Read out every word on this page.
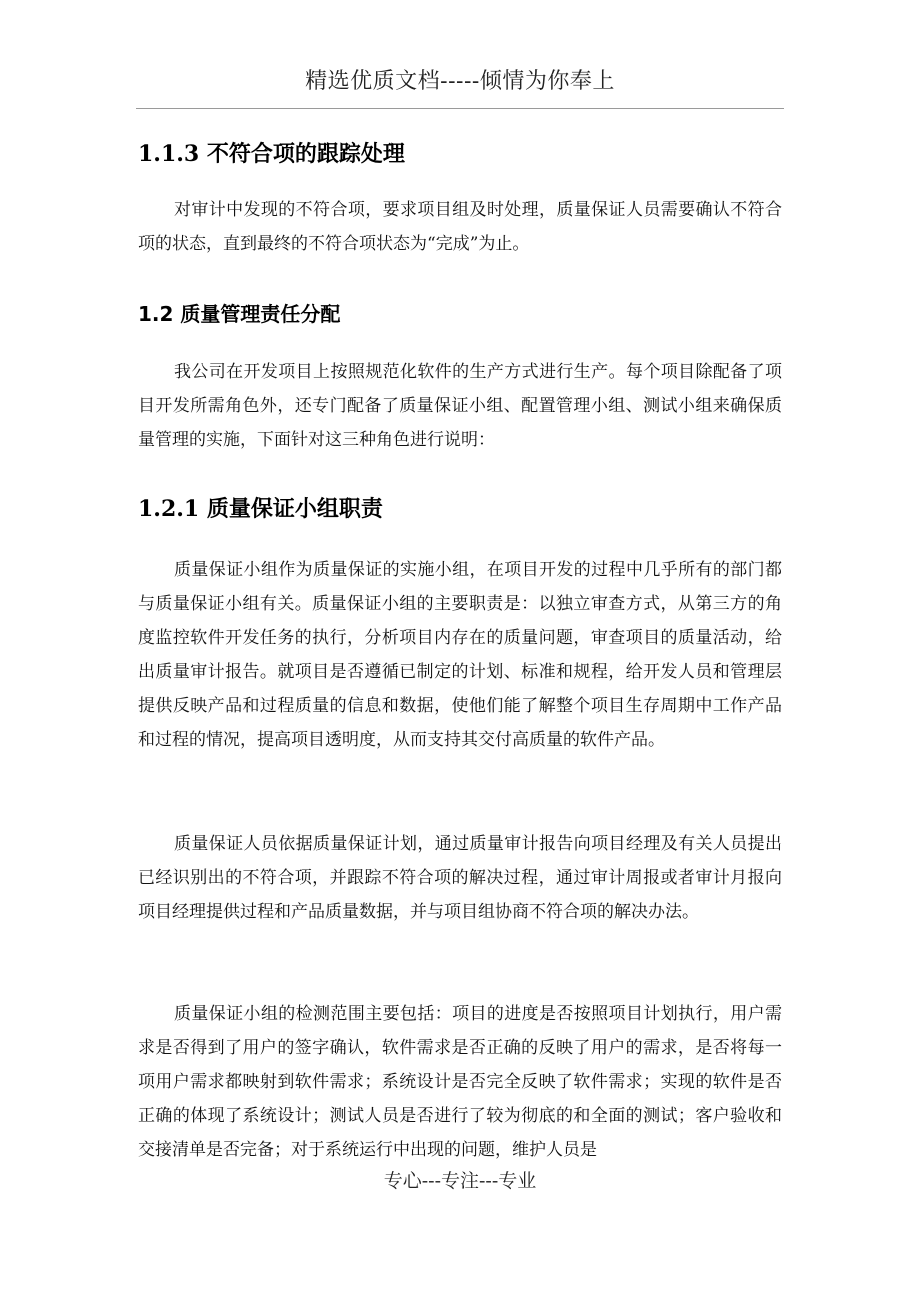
精选优质文档-----倾情为你奉上
1.1.3 不符合项的跟踪处理
对审计中发现的不符合项，要求项目组及时处理，质量保证人员需要确认不符合项的状态，直到最终的不符合项状态为“完成”为止。
1.2 质量管理责任分配
我公司在开发项目上按照规范化软件的生产方式进行生产。每个项目除配备了项目开发所需角色外，还专门配备了质量保证小组、配置管理小组、测试小组来确保质量管理的实施，下面针对这三种角色进行说明：
1.2.1 质量保证小组职责
质量保证小组作为质量保证的实施小组，在项目开发的过程中几乎所有的部门都与质量保证小组有关。质量保证小组的主要职责是：以独立审查方式，从第三方的角度监控软件开发任务的执行，分析项目内存在的质量问题，审查项目的质量活动，给出质量审计报告。就项目是否遵循已制定的计划、标准和规程，给开发人员和管理层提供反映产品和过程质量的信息和数据，使他们能了解整个项目生存周期中工作产品和过程的情况，提高项目透明度，从而支持其交付高质量的软件产品。
质量保证人员依据质量保证计划，通过质量审计报告向项目经理及有关人员提出已经识别出的不符合项，并跟踪不符合项的解决过程，通过审计周报或者审计月报向项目经理提供过程和产品质量数据，并与项目组协商不符合项的解决办法。
质量保证小组的检测范围主要包括：项目的进度是否按照项目计划执行，用户需求是否得到了用户的签字确认，软件需求是否正确的反映了用户的需求，是否将每一项用户需求都映射到软件需求；系统设计是否完全反映了软件需求；实现的软件是否正确的体现了系统设计；测试人员是否进行了较为彻底的和全面的测试；客户验收和交接清单是否完备；对于系统运行中出现的问题，维护人员是
专心---专注---专业
